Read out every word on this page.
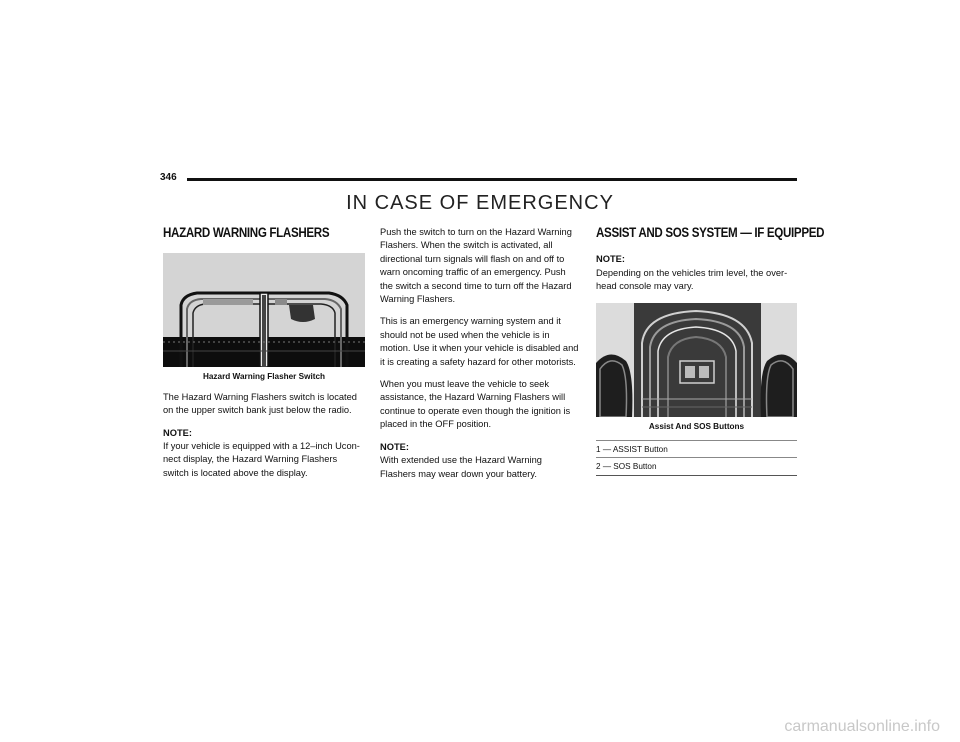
346
IN CASE OF EMERGENCY
HAZARD WARNING FLASHERS
Hazard Warning Flasher Switch

The Hazard Warning Flashers switch is located on the upper switch bank just below the radio.

NOTE:

If your vehicle is equipped with a 12–inch Ucon-nect display, the Hazard Warning Flashers switch is located above the display.

Push the switch to turn on the Hazard Warning Flashers. When the switch is activated, all directional turn signals will flash on and off to warn oncoming traffic of an emergency. Push the switch a second time to turn off the Hazard Warning Flashers.

This is an emergency warning system and it should not be used when the vehicle is in motion. Use it when your vehicle is disabled and it is creating a safety hazard for other motorists.

When you must leave the vehicle to seek assistance, the Hazard Warning Flashers will continue to operate even though the ignition is placed in the OFF position.

NOTE:

With extended use the Hazard Warning Flashers may wear down your battery.

ASSIST AND SOS SYSTEM — IF EQUIPPED

NOTE:

Depending on the vehicles trim level, the over-head console may vary.

Assist And SOS Buttons
1 — ASSIST Button
2 — SOS Button
carmanualsonline.info
